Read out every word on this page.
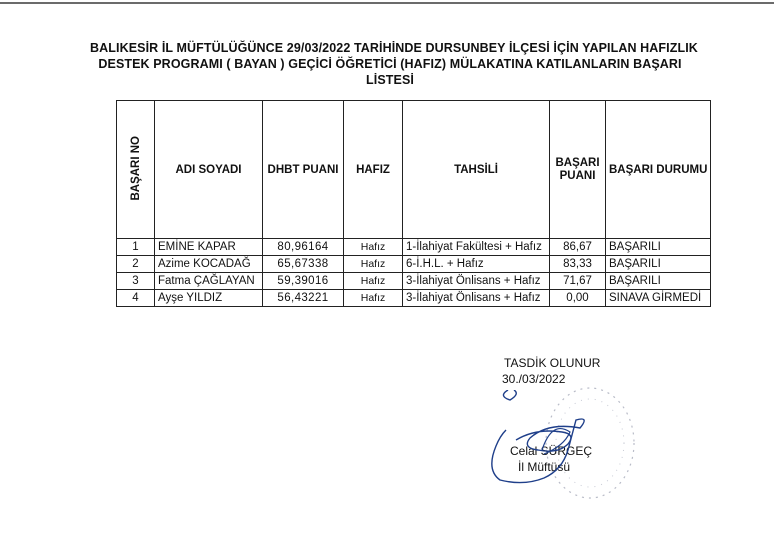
BALIKESİR İL MÜFTÜLÜĞÜNCE 29/03/2022 TARİHİNDE DURSUNBEY İLÇESİ İÇİN YAPILAN HAFIZLIK
DESTEK PROGRAMI ( BAYAN ) GEÇİCİ ÖĞRETİCİ (HAFIZ) MÜLAKATINA KATILANLARIN BAŞARI
LİSTESİ
BAŞARI NO	ADI SOYADI	DHBT PUANI	HAFIZ	TAHSİLİ	BAŞARI PUANI	BAŞARI DURUMU
1	EMİNE KAPAR	80,96164	Hafız	1-İlahiyat Fakültesi + Hafız	86,67	BAŞARILI
2	Azime KOCADAĞ	65,67338	Hafız	6-İ.H.L. + Hafız	83,33	BAŞARILI
3	Fatma ÇAĞLAYAN	59,39016	Hafız	3-İlahiyat Önlisans + Hafız	71,67	BAŞARILI
4	Ayşe YILDIZ	56,43221	Hafız	3-İlahiyat Önlisans + Hafız	0,00	SINAVA GİRMEDİ
TASDİK OLUNUR
30./03/2022
Celal SÜRGEÇ
İl Müftüsü
